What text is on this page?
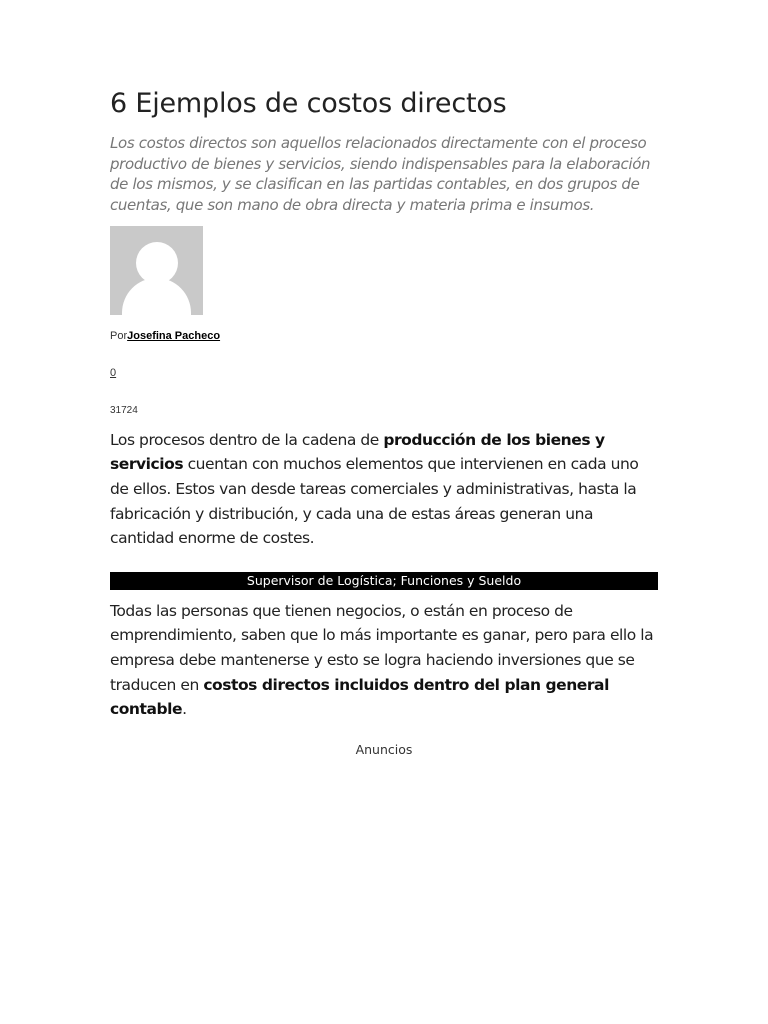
6 Ejemplos de costos directos

Los costos directos son aquellos relacionados directamente con el proceso productivo de bienes y servicios, siendo indispensables para la elaboración de los mismos, y se clasifican en las partidas contables, en dos grupos de cuentas, que son mano de obra directa y materia prima e insumos.

PorJosefina Pacheco
0
31724

Los procesos dentro de la cadena de producción de los bienes y servicios cuentan con muchos elementos que intervienen en cada uno de ellos. Estos van desde tareas comerciales y administrativas, hasta la fabricación y distribución, y cada una de estas áreas generan una cantidad enorme de costes.

Supervisor de Logística; Funciones y Sueldo

Todas las personas que tienen negocios, o están en proceso de emprendimiento, saben que lo más importante es ganar, pero para ello la empresa debe mantenerse y esto se logra haciendo inversiones que se traducen en costos directos incluidos dentro del plan general contable.

Anuncios
